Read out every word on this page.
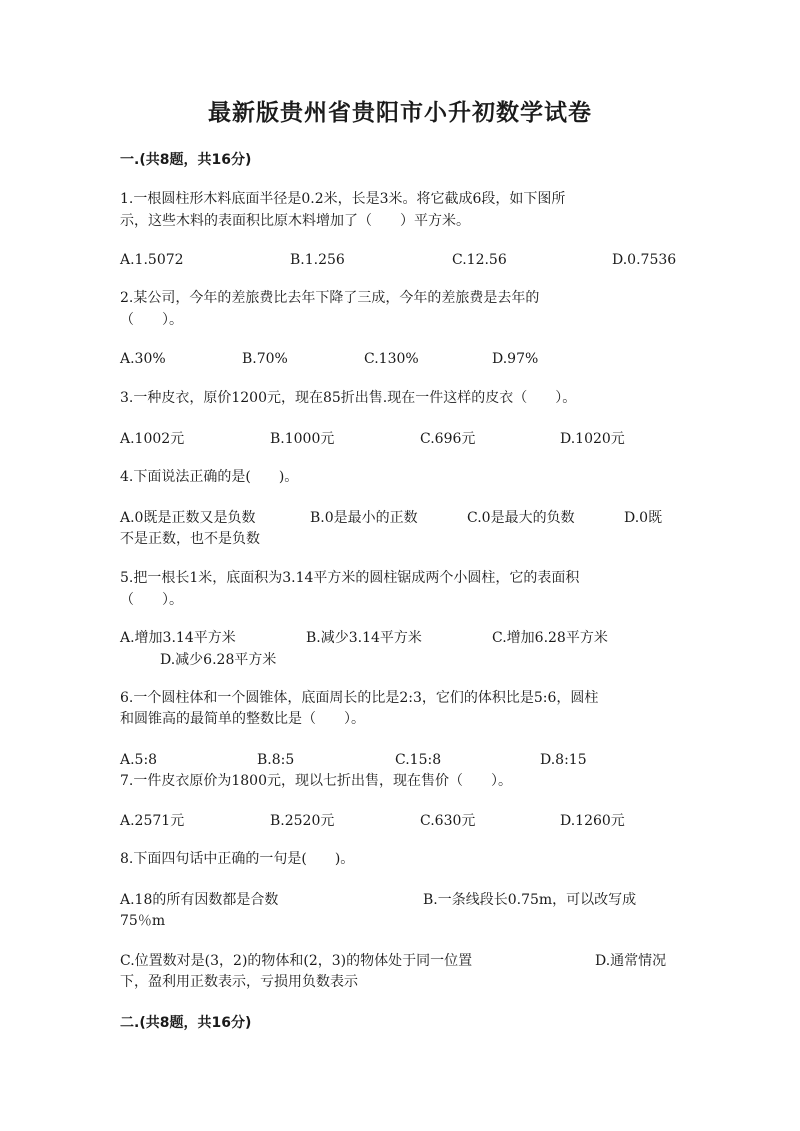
最新版贵州省贵阳市小升初数学试卷
一.(共8题，共16分)
1.一根圆柱形木料底面半径是0.2米，长是3米。将它截成6段，如下图所
示，这些木料的表面积比原木料增加了（　　）平方米。
A.1.5072	B.1.256	C.12.56	D.0.7536
2.某公司，今年的差旅费比去年下降了三成，今年的差旅费是去年的
（　　）。
A.30%	B.70%	C.130%	D.97%
3.一种皮衣，原价1200元，现在85折出售.现在一件这样的皮衣（　　）。
A.1002元	B.1000元	C.696元	D.1020元
4.下面说法正确的是(　　)。
A.0既是正数又是负数	B.0是最小的正数	C.0是最大的负数	D.0既
不是正数，也不是负数
5.把一根长1米，底面积为3.14平方米的圆柱锯成两个小圆柱，它的表面积
（　　）。
A.增加3.14平方米	B.减少3.14平方米	C.增加6.28平方米
D.减少6.28平方米
6.一个圆柱体和一个圆锥体，底面周长的比是2:3，它们的体积比是5:6，圆柱
和圆锥高的最简单的整数比是（　　）。
A.5:8	B.8:5	C.15:8	D.8:15
7.一件皮衣原价为1800元，现以七折出售，现在售价（　　）。
A.2571元	B.2520元	C.630元	D.1260元
8.下面四句话中正确的一句是(　　)。
A.18的所有因数都是合数	B.一条线段长0.75m，可以改写成
75％m
C.位置数对是(3，2)的物体和(2，3)的物体处于同一位置	D.通常情况
下，盈利用正数表示，亏损用负数表示
二.(共8题，共16分)
